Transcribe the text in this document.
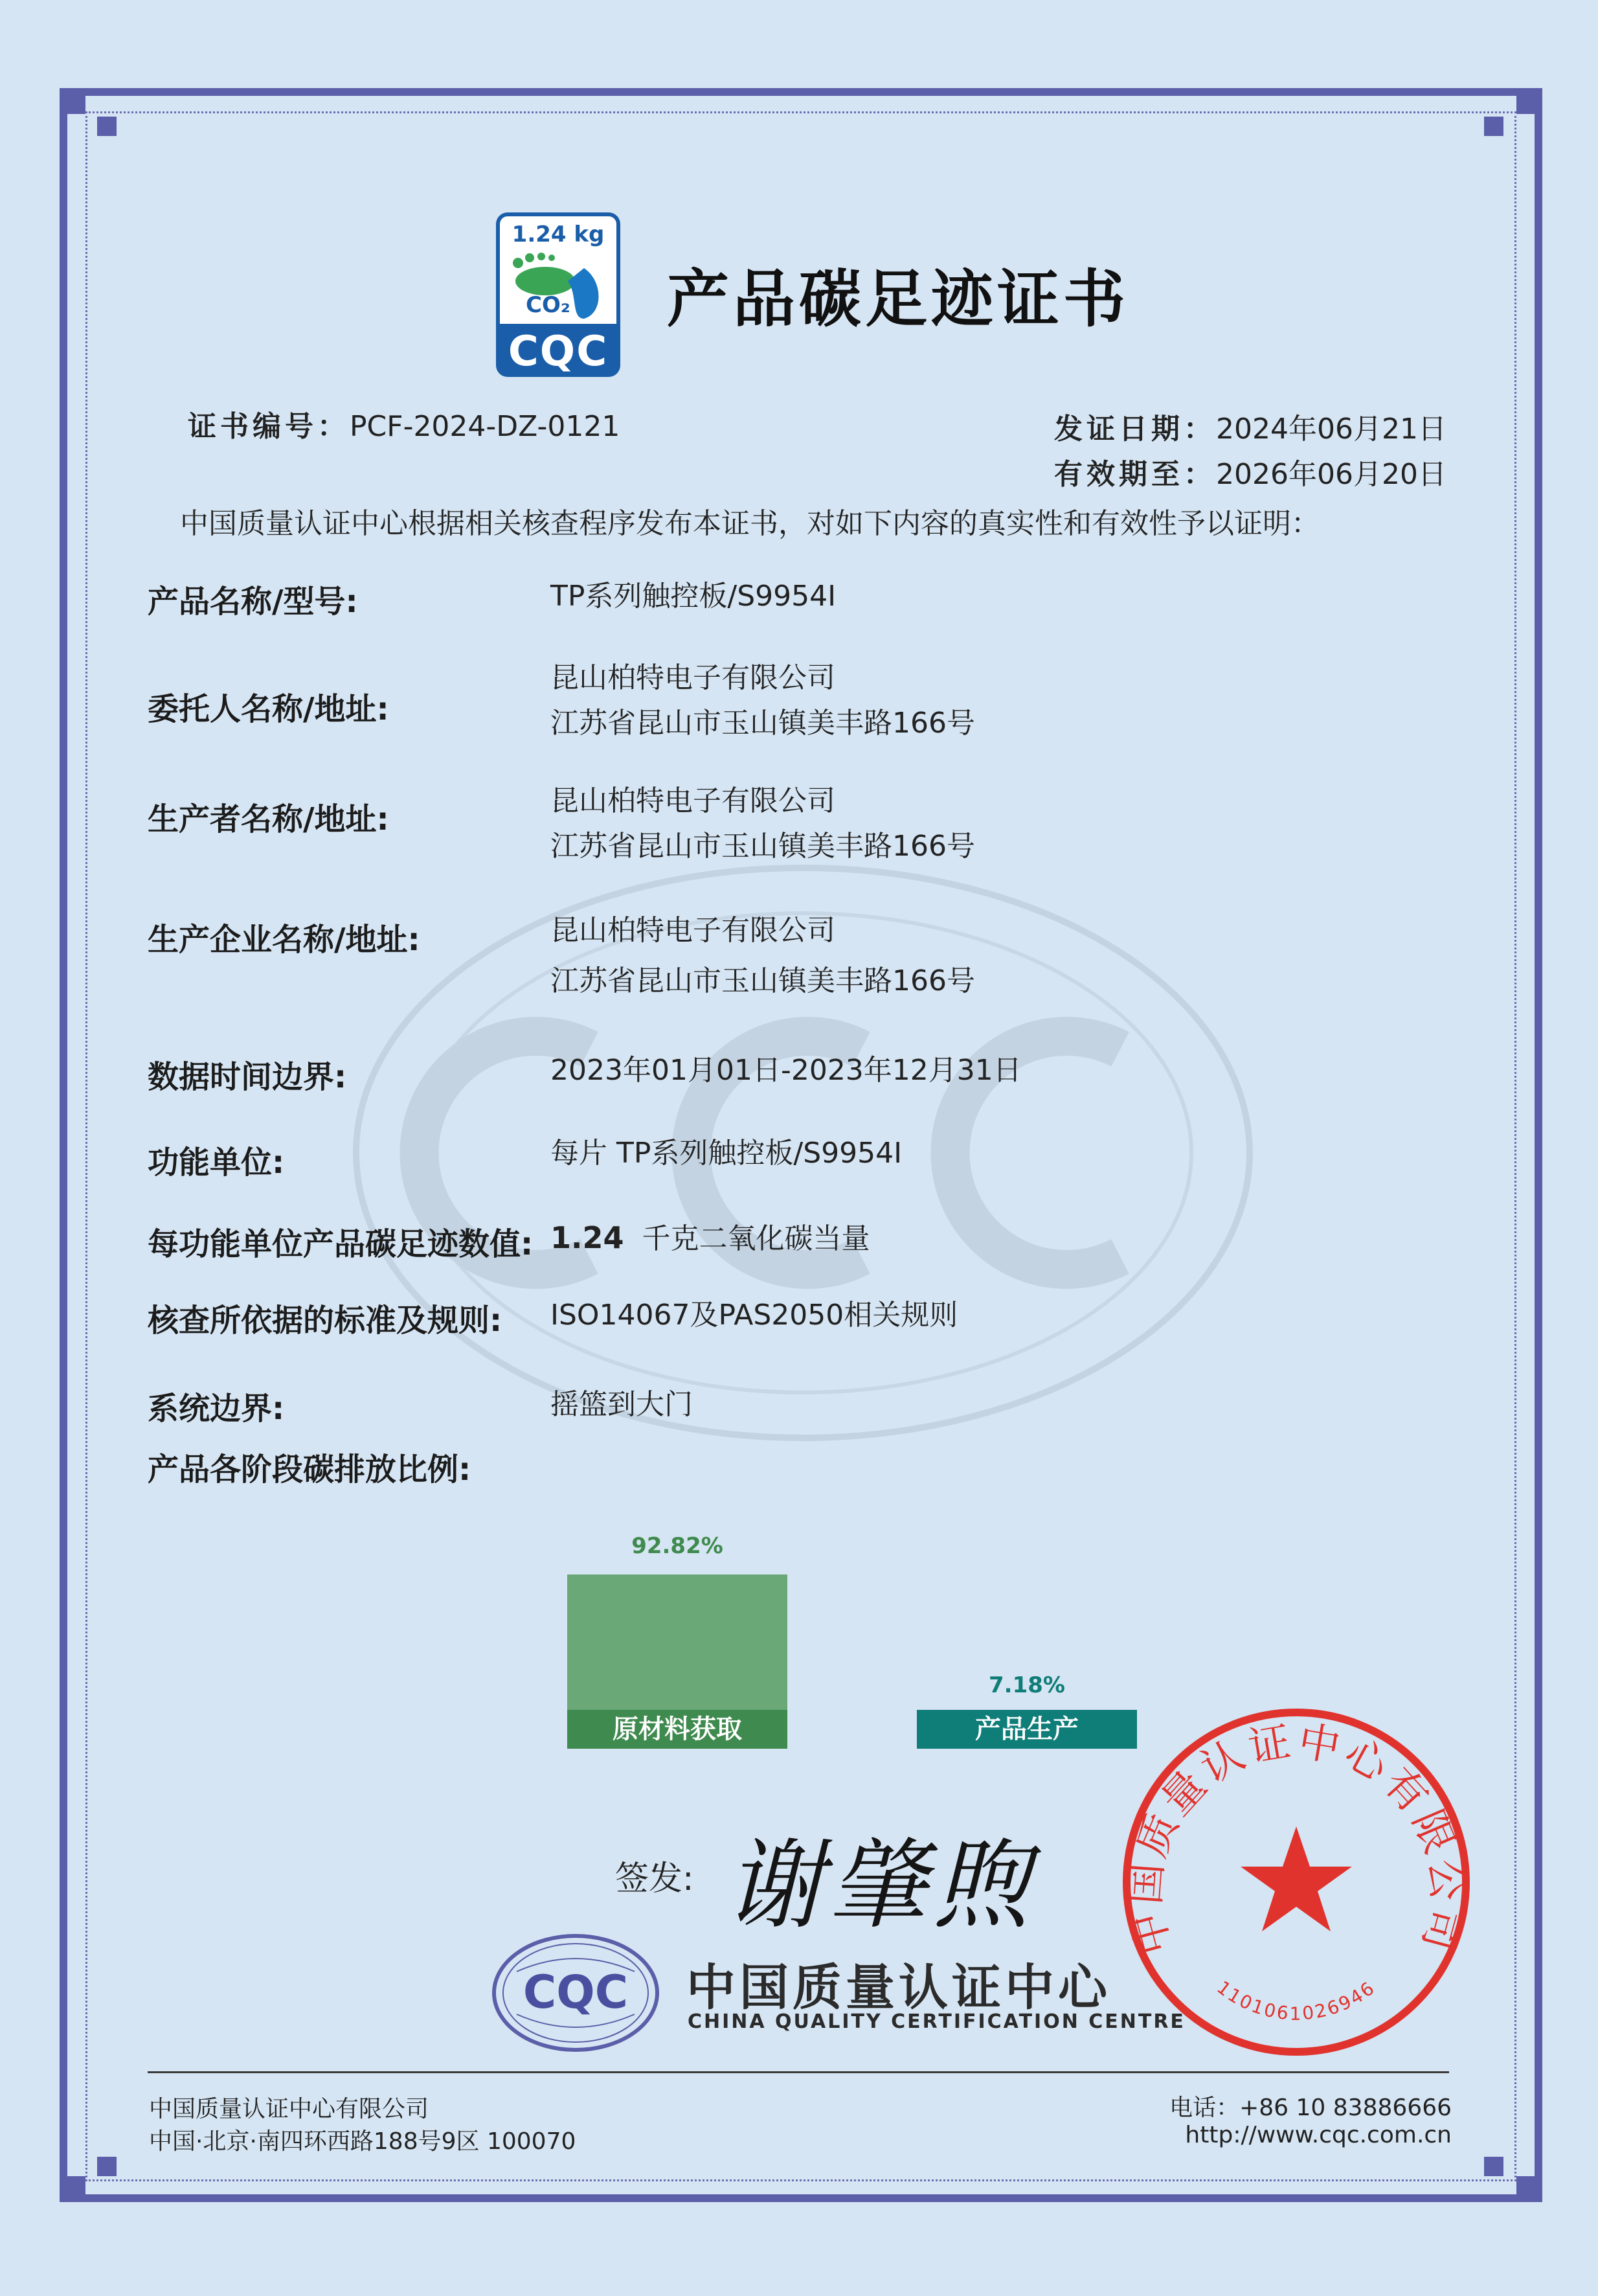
1.24 kg
CO₂
CQC
产品碳足迹证书
证书编号：PCF-2024-DZ-0121	发证日期：2024年06月21日
有效期至：2026年06月20日
中国质量认证中心根据相关核查程序发布本证书，对如下内容的真实性和有效性予以证明：
产品名称/型号:	TP系列触控板/S9954I
委托人名称/地址:
昆山柏特电子有限公司
江苏省昆山市玉山镇美丰路166号
生产者名称/地址:
昆山柏特电子有限公司
江苏省昆山市玉山镇美丰路166号
生产企业名称/地址:	昆山柏特电子有限公司
江苏省昆山市玉山镇美丰路166号
数据时间边界:	2023年01月01日-2023年12月31日
功能单位:	每片 TP系列触控板/S9954I
每功能单位产品碳足迹数值: 1.24 千克二氧化碳当量
核查所依据的标准及规则: ISO14067及PAS2050相关规则
系统边界:	摇篮到大门
产品各阶段碳排放比例:
原材料获取
92.82%
产品生产
7.18%
签发: 谢肇煦
CQC 中国质量认证中心
CHINA QUALITY CERTIFICATION CENTRE
中国质量认证中心有限公司
1101061026946
中国质量认证中心有限公司
中国·北京·南四环西路188号9区 100070
电话：+86 10 83886666
http://www.cqc.com.cn
